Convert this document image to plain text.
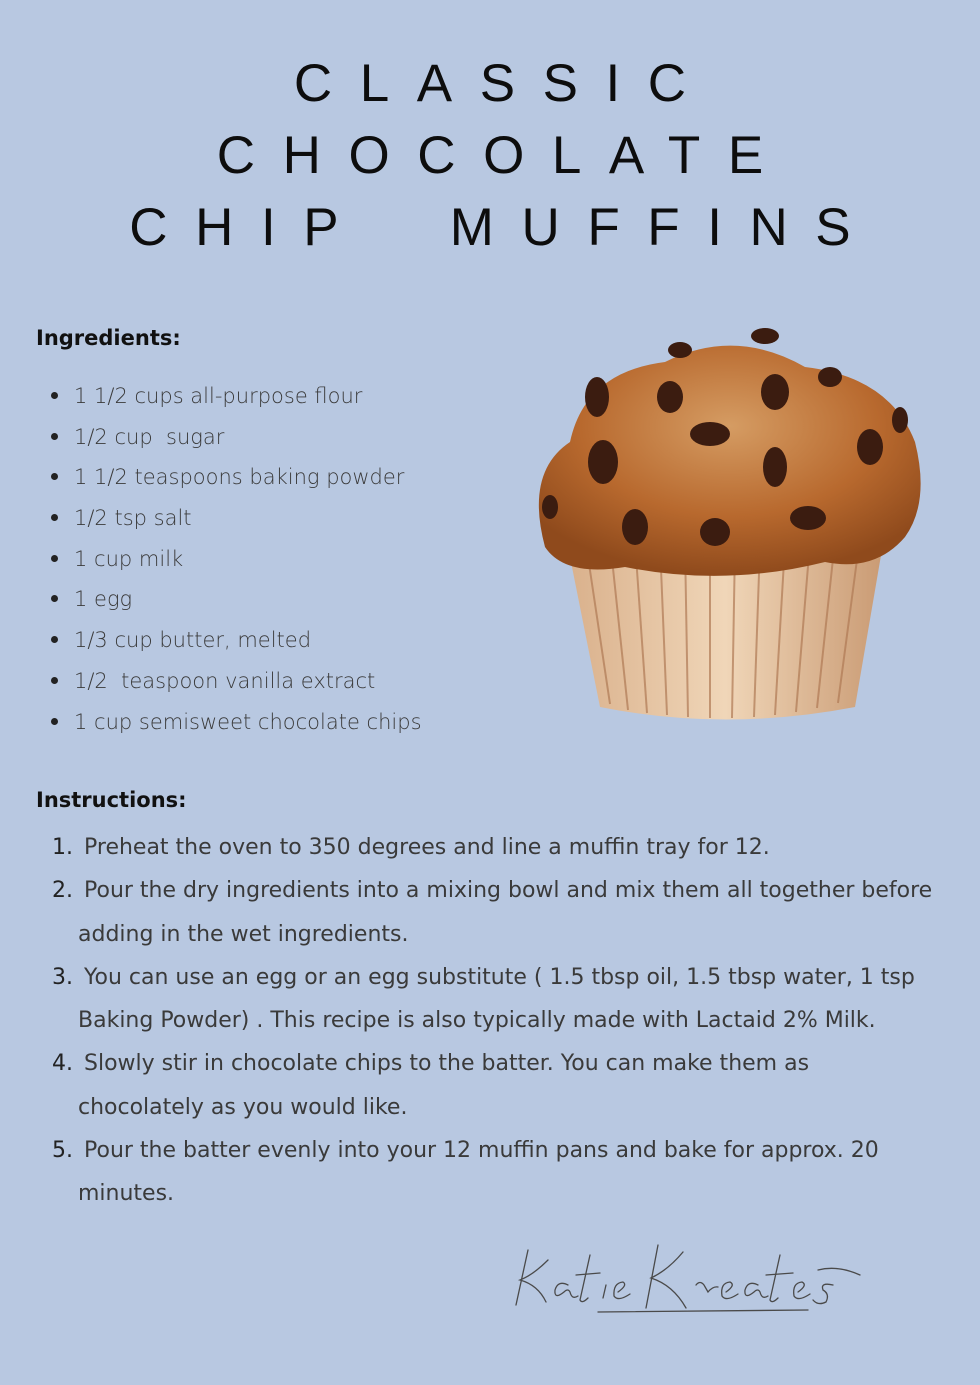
CLASSIC
CHOCOLATE
CHIP  MUFFINS
Ingredients:
1 1/2 cups all-purpose flour
1/2 cup  sugar
1 1/2 teaspoons baking powder
1/2 tsp salt
1 cup milk
1 egg
1/3 cup butter, melted
1/2  teaspoon vanilla extract
1 cup semisweet chocolate chips
Instructions:
1. Preheat the oven to 350 degrees and line a muffin tray for 12.
2. Pour the dry ingredients into a mixing bowl and mix them all together before adding in the wet ingredients.
3. You can use an egg or an egg substitute ( 1.5 tbsp oil, 1.5 tbsp water, 1 tsp Baking Powder) . This recipe is also typically made with Lactaid 2% Milk.
4. Slowly stir in chocolate chips to the batter. You can make them as chocolately as you would like.
5. Pour the batter evenly into your 12 muffin pans and bake for approx. 20 minutes.
